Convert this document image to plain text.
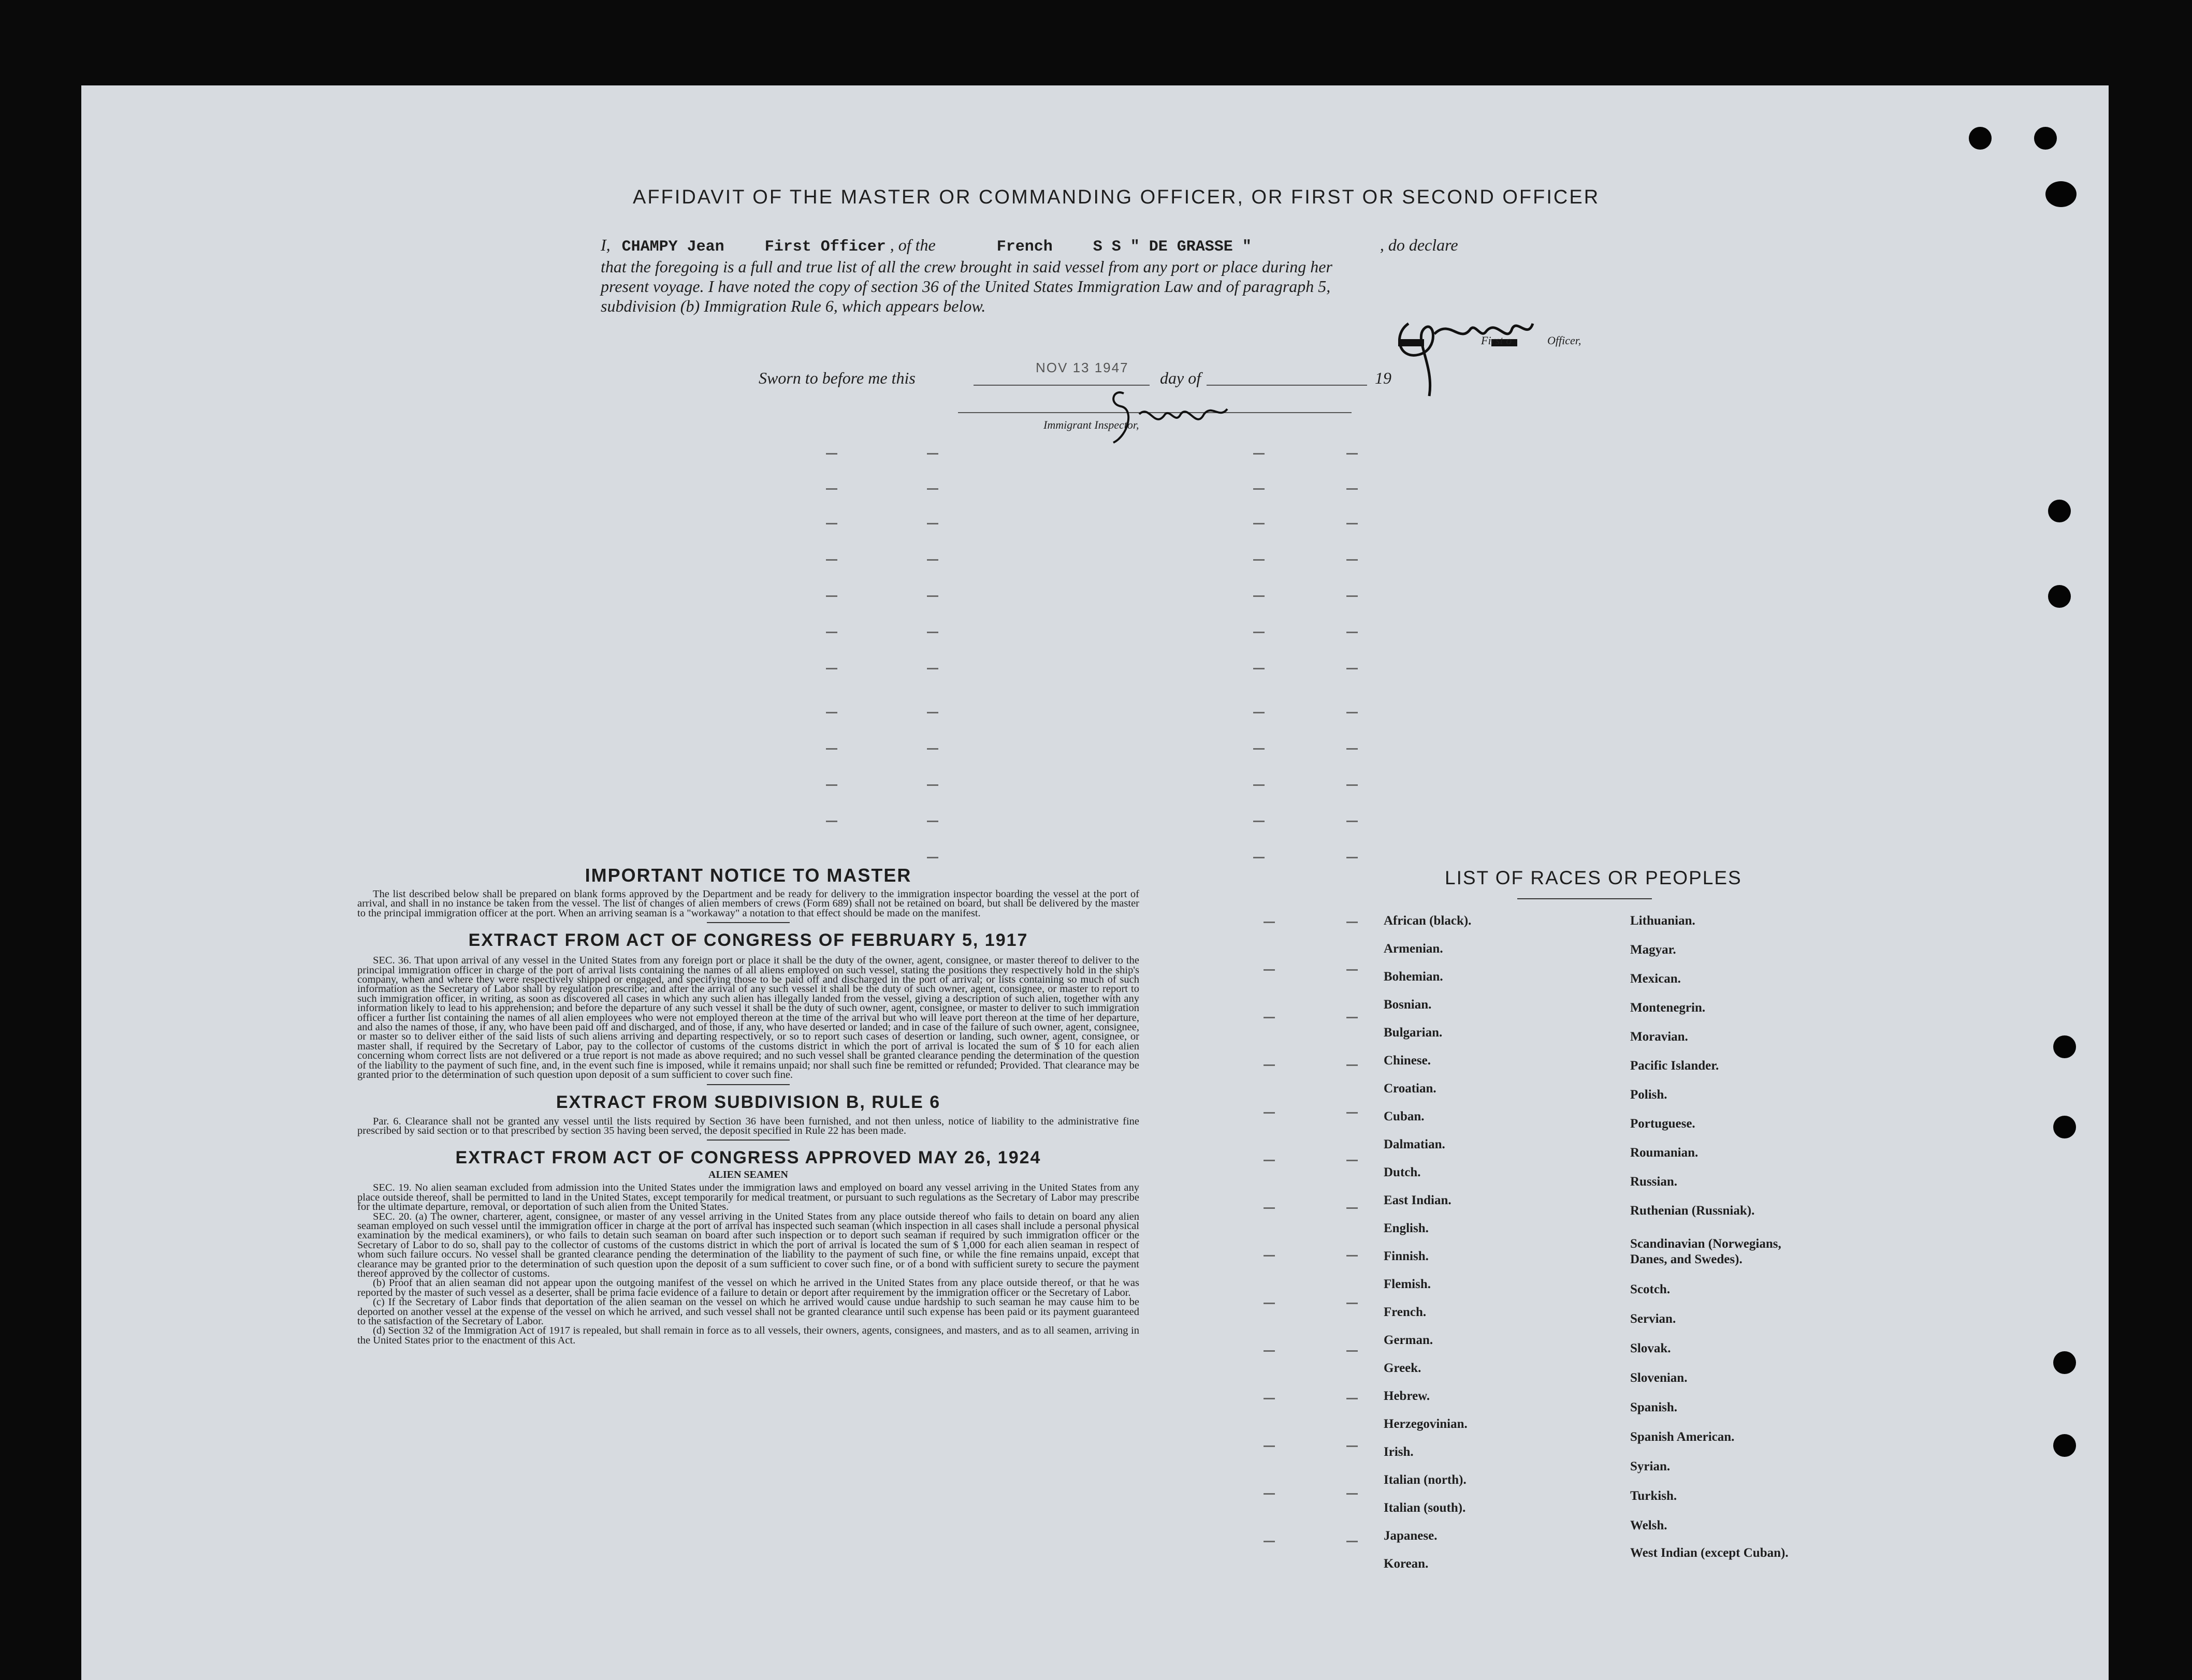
AFFIDAVIT OF THE MASTER OR COMMANDING OFFICER, OR FIRST OR SECOND OFFICER
I, CHAMPY Jean	First Officer , of the	French	S S " DE GRASSE "	, do declare
that the foregoing is a full and true list of all the crew brought in said vessel from any port or place during her
present voyage. I have noted the copy of section 36 of the United States Immigration Law and of paragraph 5,
subdivision (b) Immigration Rule 6, which appears below.
First o	Officer,
Sworn to before me this
NOV 13 1947
day of	19
Immigrant Inspector,
IMPORTANT NOTICE TO MASTER

The list described below shall be prepared on blank forms approved by the Department and be ready for delivery to the immigration inspector boarding the vessel at the port of arrival, and shall in no instance be taken from the vessel. The list of changes of alien members of crews (Form 689) shall not be retained on board, but shall be delivered by the master to the principal immigration officer at the port. When an arriving seaman is a "workaway" a notation to that effect should be made on the manifest.

EXTRACT FROM ACT OF CONGRESS OF FEBRUARY 5, 1917

SEC. 36. That upon arrival of any vessel in the United States from any foreign port or place it shall be the duty of the owner, agent, consignee, or master thereof to deliver to the principal immigration officer in charge of the port of arrival lists containing the names of all aliens employed on such vessel, stating the positions they respectively hold in the ship's company, when and where they were respectively shipped or engaged, and specifying those to be paid off and discharged in the port of arrival; or lists containing so much of such information as the Secretary of Labor shall by regulation prescribe; and after the arrival of any such vessel it shall be the duty of such owner, agent, consignee, or master to report to such immigration officer, in writing, as soon as discovered all cases in which any such alien has illegally landed from the vessel, giving a description of such alien, together with any information likely to lead to his apprehension; and before the departure of any such vessel it shall be the duty of such owner, agent, consignee, or master to deliver to such immigration officer a further list containing the names of all alien employees who were not employed thereon at the time of the arrival but who will leave port thereon at the time of her departure, and also the names of those, if any, who have been paid off and discharged, and of those, if any, who have deserted or landed; and in case of the failure of such owner, agent, consignee, or master so to deliver either of the said lists of such aliens arriving and departing respectively, or so to report such cases of desertion or landing, such owner, agent, consignee, or master shall, if required by the Secretary of Labor, pay to the collector of customs of the customs district in which the port of arrival is located the sum of $ 10 for each alien concerning whom correct lists are not delivered or a true report is not made as above required; and no such vessel shall be granted clearance pending the determination of the question of the liability to the payment of such fine, and, in the event such fine is imposed, while it remains unpaid; nor shall such fine be remitted or refunded; Provided. That clearance may be granted prior to the determination of such question upon deposit of a sum sufficient to cover such fine.

EXTRACT FROM SUBDIVISION B, RULE 6

Par. 6. Clearance shall not be granted any vessel until the lists required by Section 36 have been furnished, and not then unless, notice of liability to the administrative fine prescribed by said section or to that prescribed by section 35 having been served, the deposit specified in Rule 22 has been made.

EXTRACT FROM ACT OF CONGRESS APPROVED MAY 26, 1924
ALIEN SEAMEN

SEC. 19. No alien seaman excluded from admission into the United States under the immigration laws and employed on board any vessel arriving in the United States from any place outside thereof, shall be permitted to land in the United States, except temporarily for medical treatment, or pursuant to such regulations as the Secretary of Labor may prescribe for the ultimate departure, removal, or deportation of such alien from the United States.

SEC. 20. (a) The owner, charterer, agent, consignee, or master of any vessel arriving in the United States from any place outside thereof who fails to detain on board any alien seaman employed on such vessel until the immigration officer in charge at the port of arrival has inspected such seaman (which inspection in all cases shall include a personal physical examination by the medical examiners), or who fails to detain such seaman on board after such inspection or to deport such seaman if required by such immigration officer or the Secretary of Labor to do so, shall pay to the collector of customs of the customs district in which the port of arrival is located the sum of $ 1,000 for each alien seaman in respect of whom such failure occurs. No vessel shall be granted clearance pending the determination of the liability to the payment of such fine, or while the fine remains unpaid, except that clearance may be granted prior to the determination of such question upon the deposit of a sum sufficient to cover such fine, or of a bond with sufficient surety to secure the payment thereof approved by the collector of customs.

(b) Proof that an alien seaman did not appear upon the outgoing manifest of the vessel on which he arrived in the United States from any place outside thereof, or that he was reported by the master of such vessel as a deserter, shall be prima facie evidence of a failure to detain or deport after requirement by the immigration officer or the Secretary of Labor.

(c) If the Secretary of Labor finds that deportation of the alien seaman on the vessel on which he arrived would cause undue hardship to such seaman he may cause him to be deported on another vessel at the expense of the vessel on which he arrived, and such vessel shall not be granted clearance until such expense has been paid or its payment guaranteed to the satisfaction of the Secretary of Labor.

(d) Section 32 of the Immigration Act of 1917 is repealed, but shall remain in force as to all vessels, their owners, agents, consignees, and masters, and as to all seamen, arriving in the United States prior to the enactment of this Act.

LIST OF RACES OR PEOPLES
African (black).
Armenian.
Bohemian.
Bosnian.
Bulgarian.
Chinese.
Croatian.
Cuban.
Dalmatian.
Dutch.
East Indian.
English.
Finnish.
Flemish.
French.
German.
Greek.
Hebrew.
Herzegovinian.
Irish.
Italian (north).
Italian (south).
Japanese.
Korean.
Lithuanian.
Magyar.
Mexican.
Montenegrin.
Moravian.
Pacific Islander.
Polish.
Portuguese.
Roumanian.
Russian.
Ruthenian (Russniak).
Scandinavian (Norwegians, Danes, and Swedes).
Scotch.
Servian.
Slovak.
Slovenian.
Spanish.
Spanish American.
Syrian.
Turkish.
Welsh.
West Indian (except Cuban).
